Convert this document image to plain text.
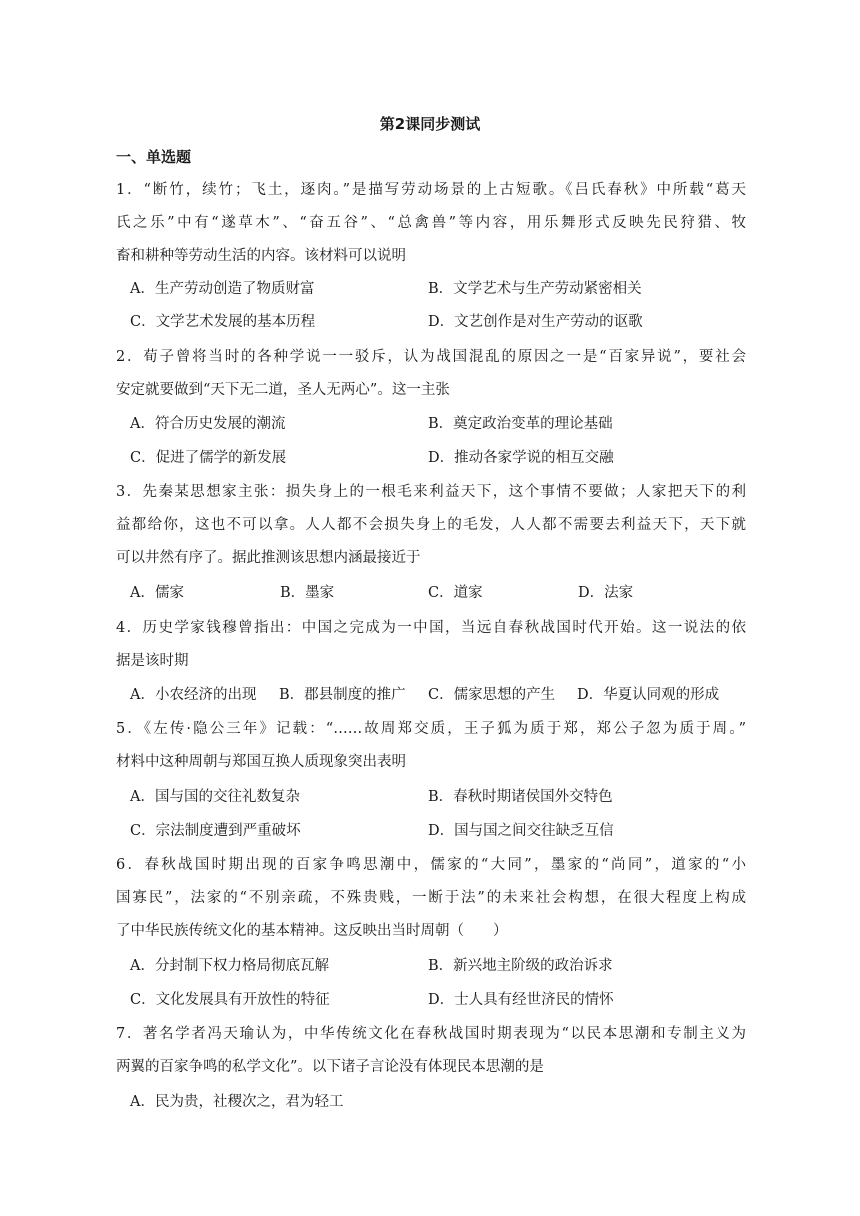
第2课同步测试
一、单选题
1．“断竹，续竹；飞土，逐肉。”是描写劳动场景的上古短歌。《吕氏春秋》中所载“葛天
氏之乐”中有“遂草木”、“奋五谷”、“总禽兽”等内容，用乐舞形式反映先民狩猎、牧
畜和耕种等劳动生活的内容。该材料可以说明
A．生产劳动创造了物质财富	B．文学艺术与生产劳动紧密相关
C．文学艺术发展的基本历程	D．文艺创作是对生产劳动的讴歌
2．荀子曾将当时的各种学说一一驳斥，认为战国混乱的原因之一是“百家异说”，要社会
安定就要做到“天下无二道，圣人无两心”。这一主张
A．符合历史发展的潮流	B．奠定政治变革的理论基础
C．促进了儒学的新发展	D．推动各家学说的相互交融
3．先秦某思想家主张：损失身上的一根毛来利益天下，这个事情不要做；人家把天下的利
益都给你，这也不可以拿。人人都不会损失身上的毛发，人人都不需要去利益天下，天下就
可以井然有序了。据此推测该思想内涵最接近于
A．儒家	B．墨家	C．道家	D．法家
4．历史学家钱穆曾指出：中国之完成为一中国，当远自春秋战国时代开始。这一说法的依
据是该时期
A．小农经济的出现 B．郡县制度的推广 C．儒家思想的产生 D．华夏认同观的形成
5．《左传·隐公三年》记载：“……故周郑交质，王子狐为质于郑，郑公子忽为质于周。”
材料中这种周朝与郑国互换人质现象突出表明
A．国与国的交往礼数复杂	B．春秋时期诸侯国外交特色
C．宗法制度遭到严重破坏	D．国与国之间交往缺乏互信
6．春秋战国时期出现的百家争鸣思潮中，儒家的“大同”，墨家的“尚同”，道家的“小
国寡民”，法家的“不别亲疏，不殊贵贱，一断于法”的未来社会构想，在很大程度上构成
了中华民族传统文化的基本精神。这反映出当时周朝（　　）
A．分封制下权力格局彻底瓦解	B．新兴地主阶级的政治诉求
C．文化发展具有开放性的特征	D．士人具有经世济民的情怀
7．著名学者冯天瑜认为，中华传统文化在春秋战国时期表现为“以民本思潮和专制主义为
两翼的百家争鸣的私学文化”。以下诸子言论没有体现民本思潮的是
A．民为贵，社稷次之，君为轻工
